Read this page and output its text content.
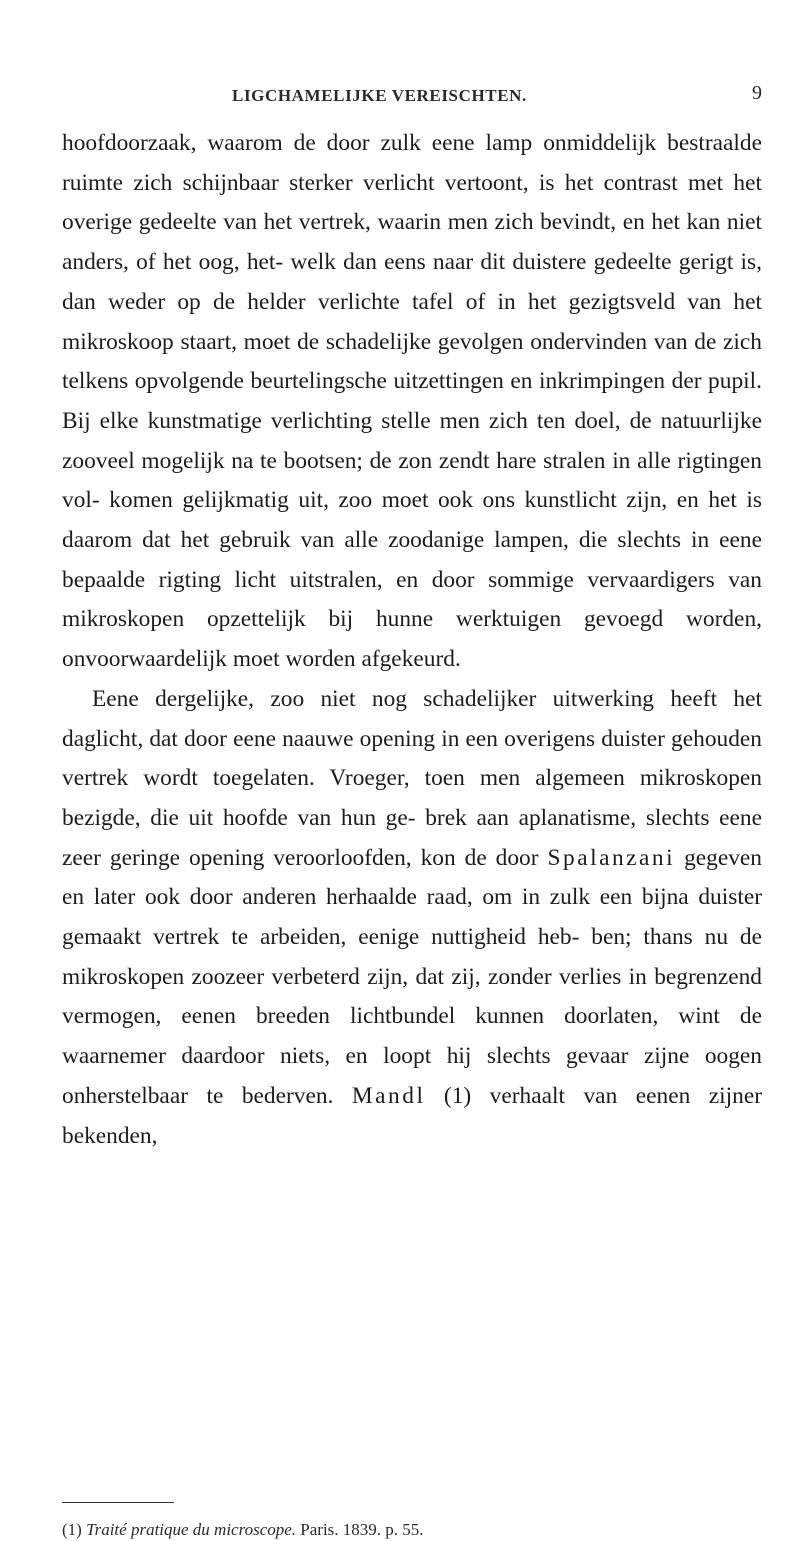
LIGCHAMELIJKE VEREISCHTEN.	9

hoofdoorzaak, waarom de door zulk eene lamp onmiddelijk bestraalde ruimte zich schijnbaar sterker verlicht vertoont, is het contrast met het overige gedeelte van het vertrek, waarin men zich bevindt, en het kan niet anders, of het oog, het- welk dan eens naar dit duistere gedeelte gerigt is, dan weder op de helder verlichte tafel of in het gezigtsveld van het mikroskoop staart, moet de schadelijke gevolgen ondervinden van de zich telkens opvolgende beurtelingsche uitzettingen en inkrimpingen der pupil. Bij elke kunstmatige verlichting stelle men zich ten doel, de natuurlijke zooveel mogelijk na te bootsen; de zon zendt hare stralen in alle rigtingen vol- komen gelijkmatig uit, zoo moet ook ons kunstlicht zijn, en het is daarom dat het gebruik van alle zoodanige lampen, die slechts in eene bepaalde rigting licht uitstralen, en door sommige vervaardigers van mikroskopen opzettelijk bij hunne werktuigen gevoegd worden, onvoorwaardelijk moet worden afgekeurd.

Eene dergelijke, zoo niet nog schadelijker uitwerking heeft het daglicht, dat door eene naauwe opening in een overigens duister gehouden vertrek wordt toegelaten. Vroeger, toen men algemeen mikroskopen bezigde, die uit hoofde van hun ge- brek aan aplanatisme, slechts eene zeer geringe opening veroorloofden, kon de door Spalanzani gegeven en later ook door anderen herhaalde raad, om in zulk een bijna duister gemaakt vertrek te arbeiden, eenige nuttigheid heb- ben; thans nu de mikroskopen zoozeer verbeterd zijn, dat zij, zonder verlies in begrenzend vermogen, eenen breeden lichtbundel kunnen doorlaten, wint de waarnemer daardoor niets, en loopt hij slechts gevaar zijne oogen onherstelbaar te bederven. Mandl (1) verhaalt van eenen zijner bekenden,

(1) Traité pratique du microscope. Paris. 1839. p. 55.
